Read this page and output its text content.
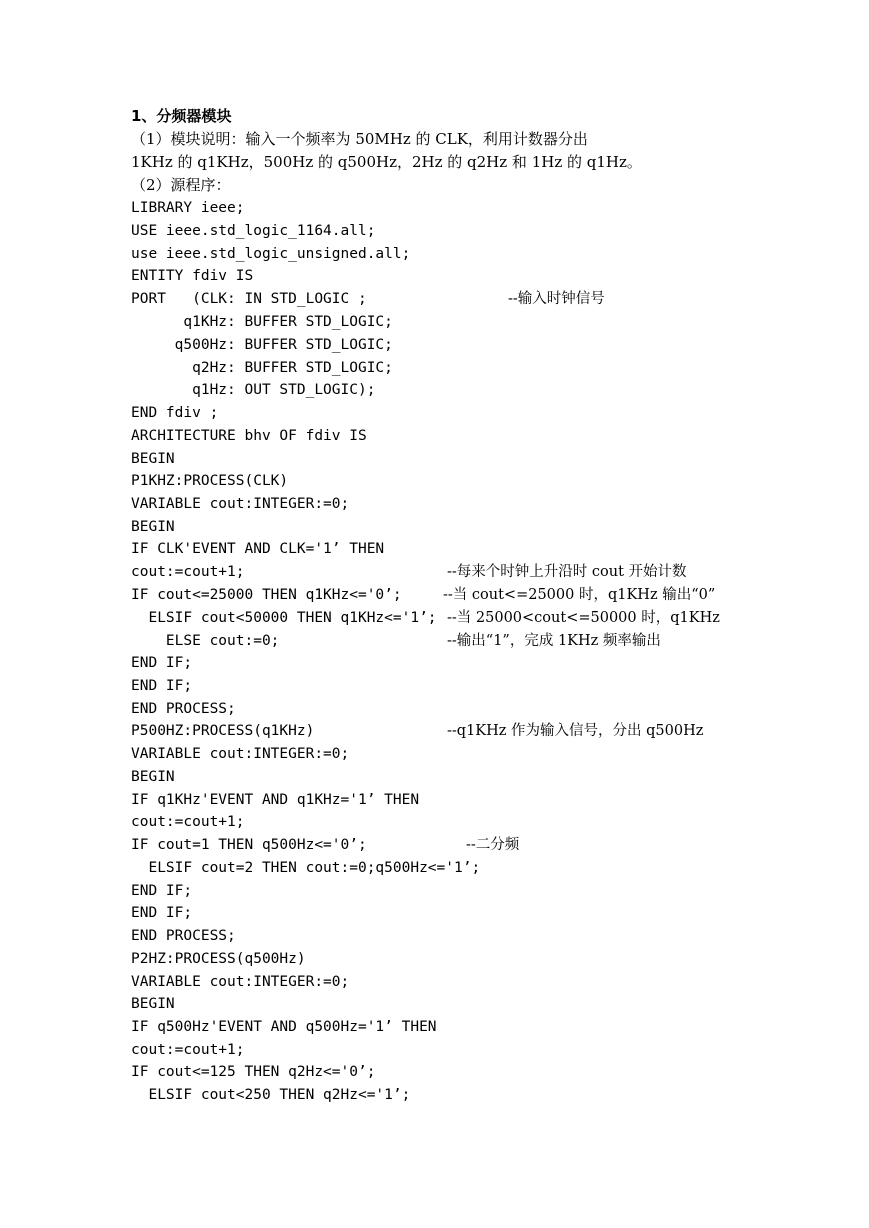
1、分频器模块
（1）模块说明：输入一个频率为 50MHz 的 CLK，利用计数器分出
1KHz 的 q1KHz，500Hz 的 q500Hz，2Hz 的 q2Hz 和 1Hz 的 q1Hz。
（2）源程序：
LIBRARY ieee;
USE ieee.std_logic_1164.all;
use ieee.std_logic_unsigned.all;
ENTITY fdiv IS
PORT   (CLK: IN STD_LOGIC ;
q1KHz: BUFFER STD_LOGIC;
q500Hz: BUFFER STD_LOGIC;
q2Hz: BUFFER STD_LOGIC;
q1Hz: OUT STD_LOGIC);
END fdiv ;
ARCHITECTURE bhv OF fdiv IS
BEGIN
P1KHZ:PROCESS(CLK)
VARIABLE cout:INTEGER:=0;
BEGIN
IF CLK'EVENT AND CLK='1’ THEN
cout:=cout+1;
IF cout<=25000 THEN q1KHz<='0’;
ELSIF cout<50000 THEN q1KHz<='1’;
ELSE cout:=0;
END IF;
END IF;
END PROCESS;
P500HZ:PROCESS(q1KHz)
VARIABLE cout:INTEGER:=0;
BEGIN
IF q1KHz'EVENT AND q1KHz='1’ THEN
cout:=cout+1;
IF cout=1 THEN q500Hz<='0’;
ELSIF cout=2 THEN cout:=0;q500Hz<='1’;
END IF;
END IF;
END PROCESS;
P2HZ:PROCESS(q500Hz)
VARIABLE cout:INTEGER:=0;
BEGIN
IF q500Hz'EVENT AND q500Hz='1’ THEN
cout:=cout+1;
IF cout<=125 THEN q2Hz<='0’;
ELSIF cout<250 THEN q2Hz<='1’;
--输入时钟信号
--每来个时钟上升沿时 cout 开始计数
--当 cout<=25000 时，q1KHz 输出“0”
--当 25000<cout<=50000 时，q1KHz
--输出“1”，完成 1KHz 频率输出
--q1KHz 作为输入信号，分出 q500Hz
--二分频
